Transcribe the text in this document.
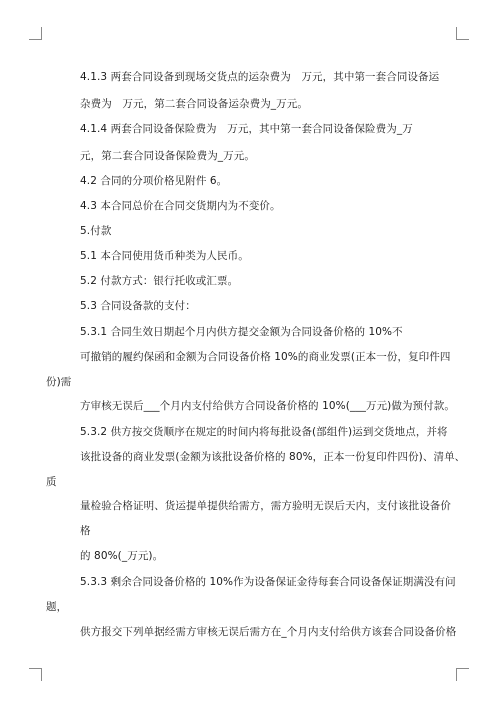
4.1.3 两套合同设备到现场交货点的运杂费为　万元，其中第一套合同设备运
杂费为　万元，第二套合同设备运杂费为_万元。
4.1.4 两套合同设备保险费为　万元，其中第一套合同设备保险费为_万
元，第二套合同设备保险费为_万元。
4.2 合同的分项价格见附件 6。
4.3 本合同总价在合同交货期内为不变价。
5.付款
5.1 本合同使用货币种类为人民币。
5.2 付款方式：银行托收或汇票。
5.3 合同设备款的支付：
5.3.1 合同生效日期起个月内供方提交金额为合同设备价格的 10%不
可撤销的履约保函和金额为合同设备价格 10%的商业发票(正本一份，复印件四
份)需
方审核无误后___个月内支付给供方合同设备价格的 10%(___万元)做为预付款。
5.3.2 供方按交货顺序在规定的时间内将每批设备(部组件)运到交货地点，并将
该批设备的商业发票(金额为该批设备价格的 80%，正本一份复印件四份)、清单、
质
量检验合格证明、货运提单提供给需方，需方验明无误后天内，支付该批设备价
格
的 80%(_万元)。
5.3.3 剩余合同设备价格的 10%作为设备保证金待每套合同设备保证期满没有问
题，
供方报交下列单据经需方审核无误后需方在_个月内支付给供方该套合同设备价格
